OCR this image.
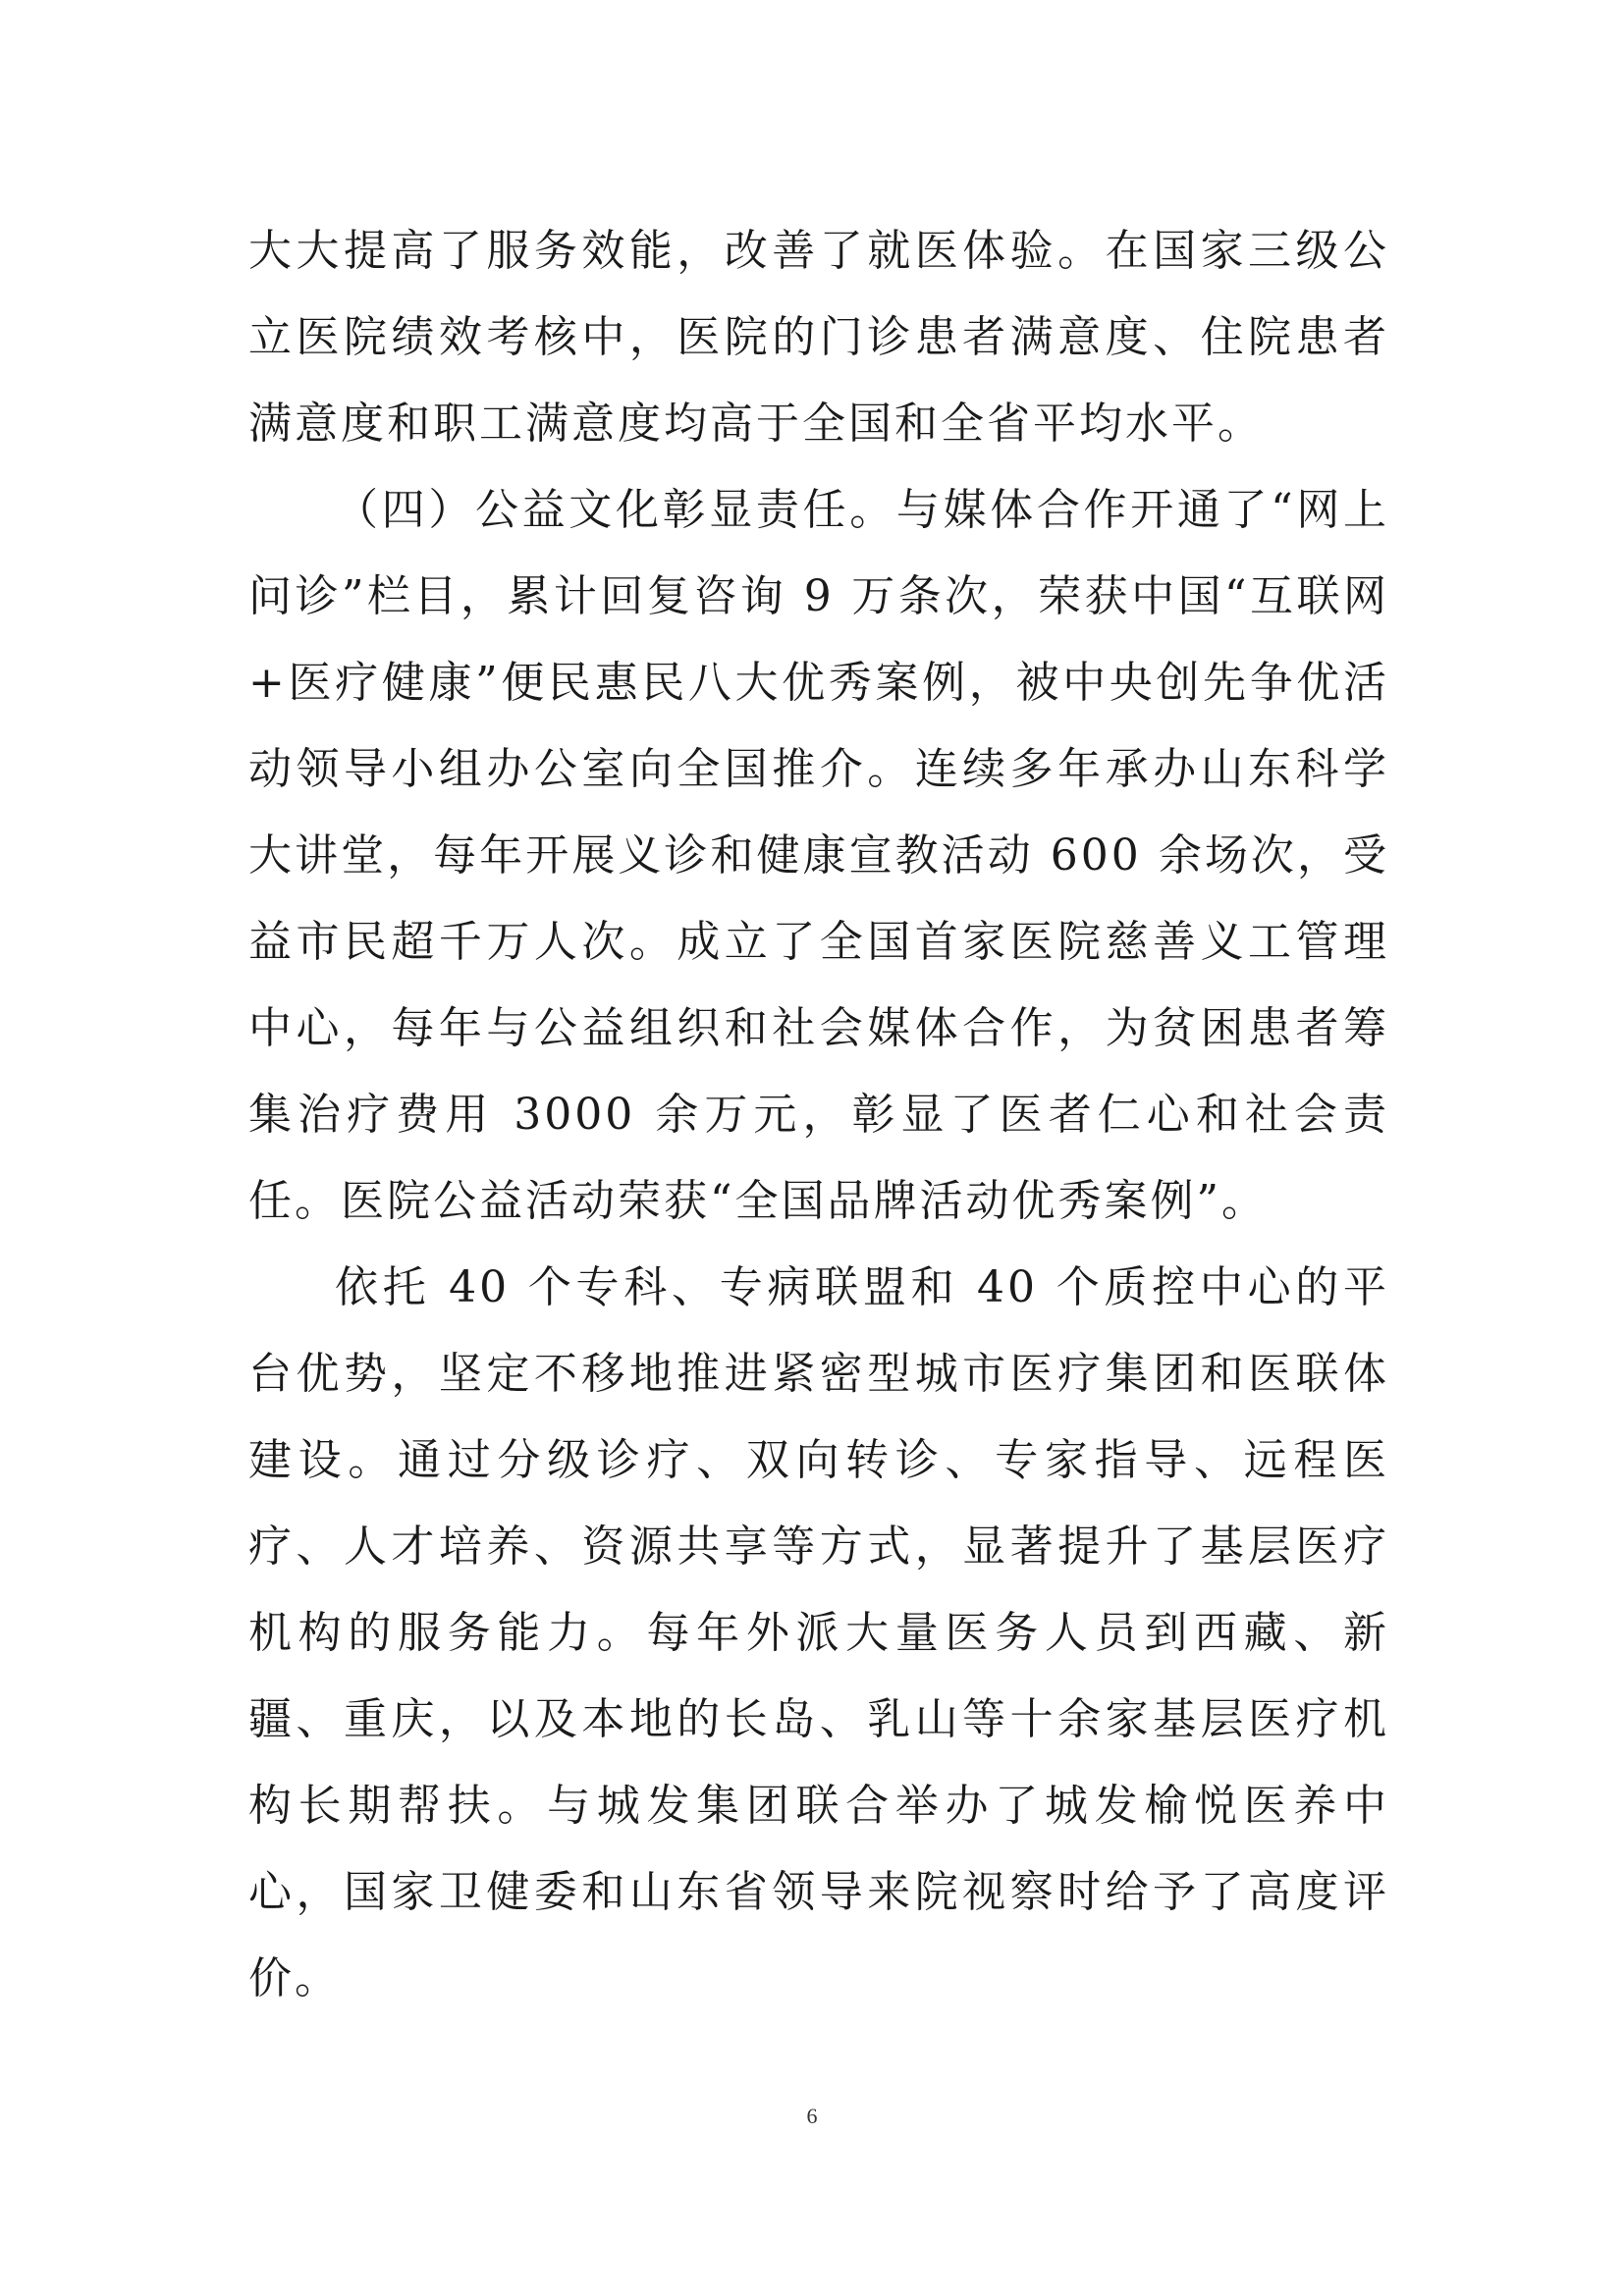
大大提高了服务效能，改善了就医体验。在国家三级公立医院绩效考核中，医院的门诊患者满意度、住院患者满意度和职工满意度均高于全国和全省平均水平。

（四）公益文化彰显责任。与媒体合作开通了“网上问诊”栏目，累计回复咨询 9 万条次，荣获中国“互联网+医疗健康”便民惠民八大优秀案例，被中央创先争优活动领导小组办公室向全国推介。连续多年承办山东科学大讲堂，每年开展义诊和健康宣教活动 600 余场次，受益市民超千万人次。成立了全国首家医院慈善义工管理中心，每年与公益组织和社会媒体合作，为贫困患者筹集治疗费用 3000 余万元，彰显了医者仁心和社会责任。医院公益活动荣获“全国品牌活动优秀案例”。

依托 40 个专科、专病联盟和 40 个质控中心的平台优势，坚定不移地推进紧密型城市医疗集团和医联体建设。通过分级诊疗、双向转诊、专家指导、远程医疗、人才培养、资源共享等方式，显著提升了基层医疗机构的服务能力。每年外派大量医务人员到西藏、新疆、重庆，以及本地的长岛、乳山等十余家基层医疗机构长期帮扶。与城发集团联合举办了城发榆悦医养中心，国家卫健委和山东省领导来院视察时给予了高度评价。

6
